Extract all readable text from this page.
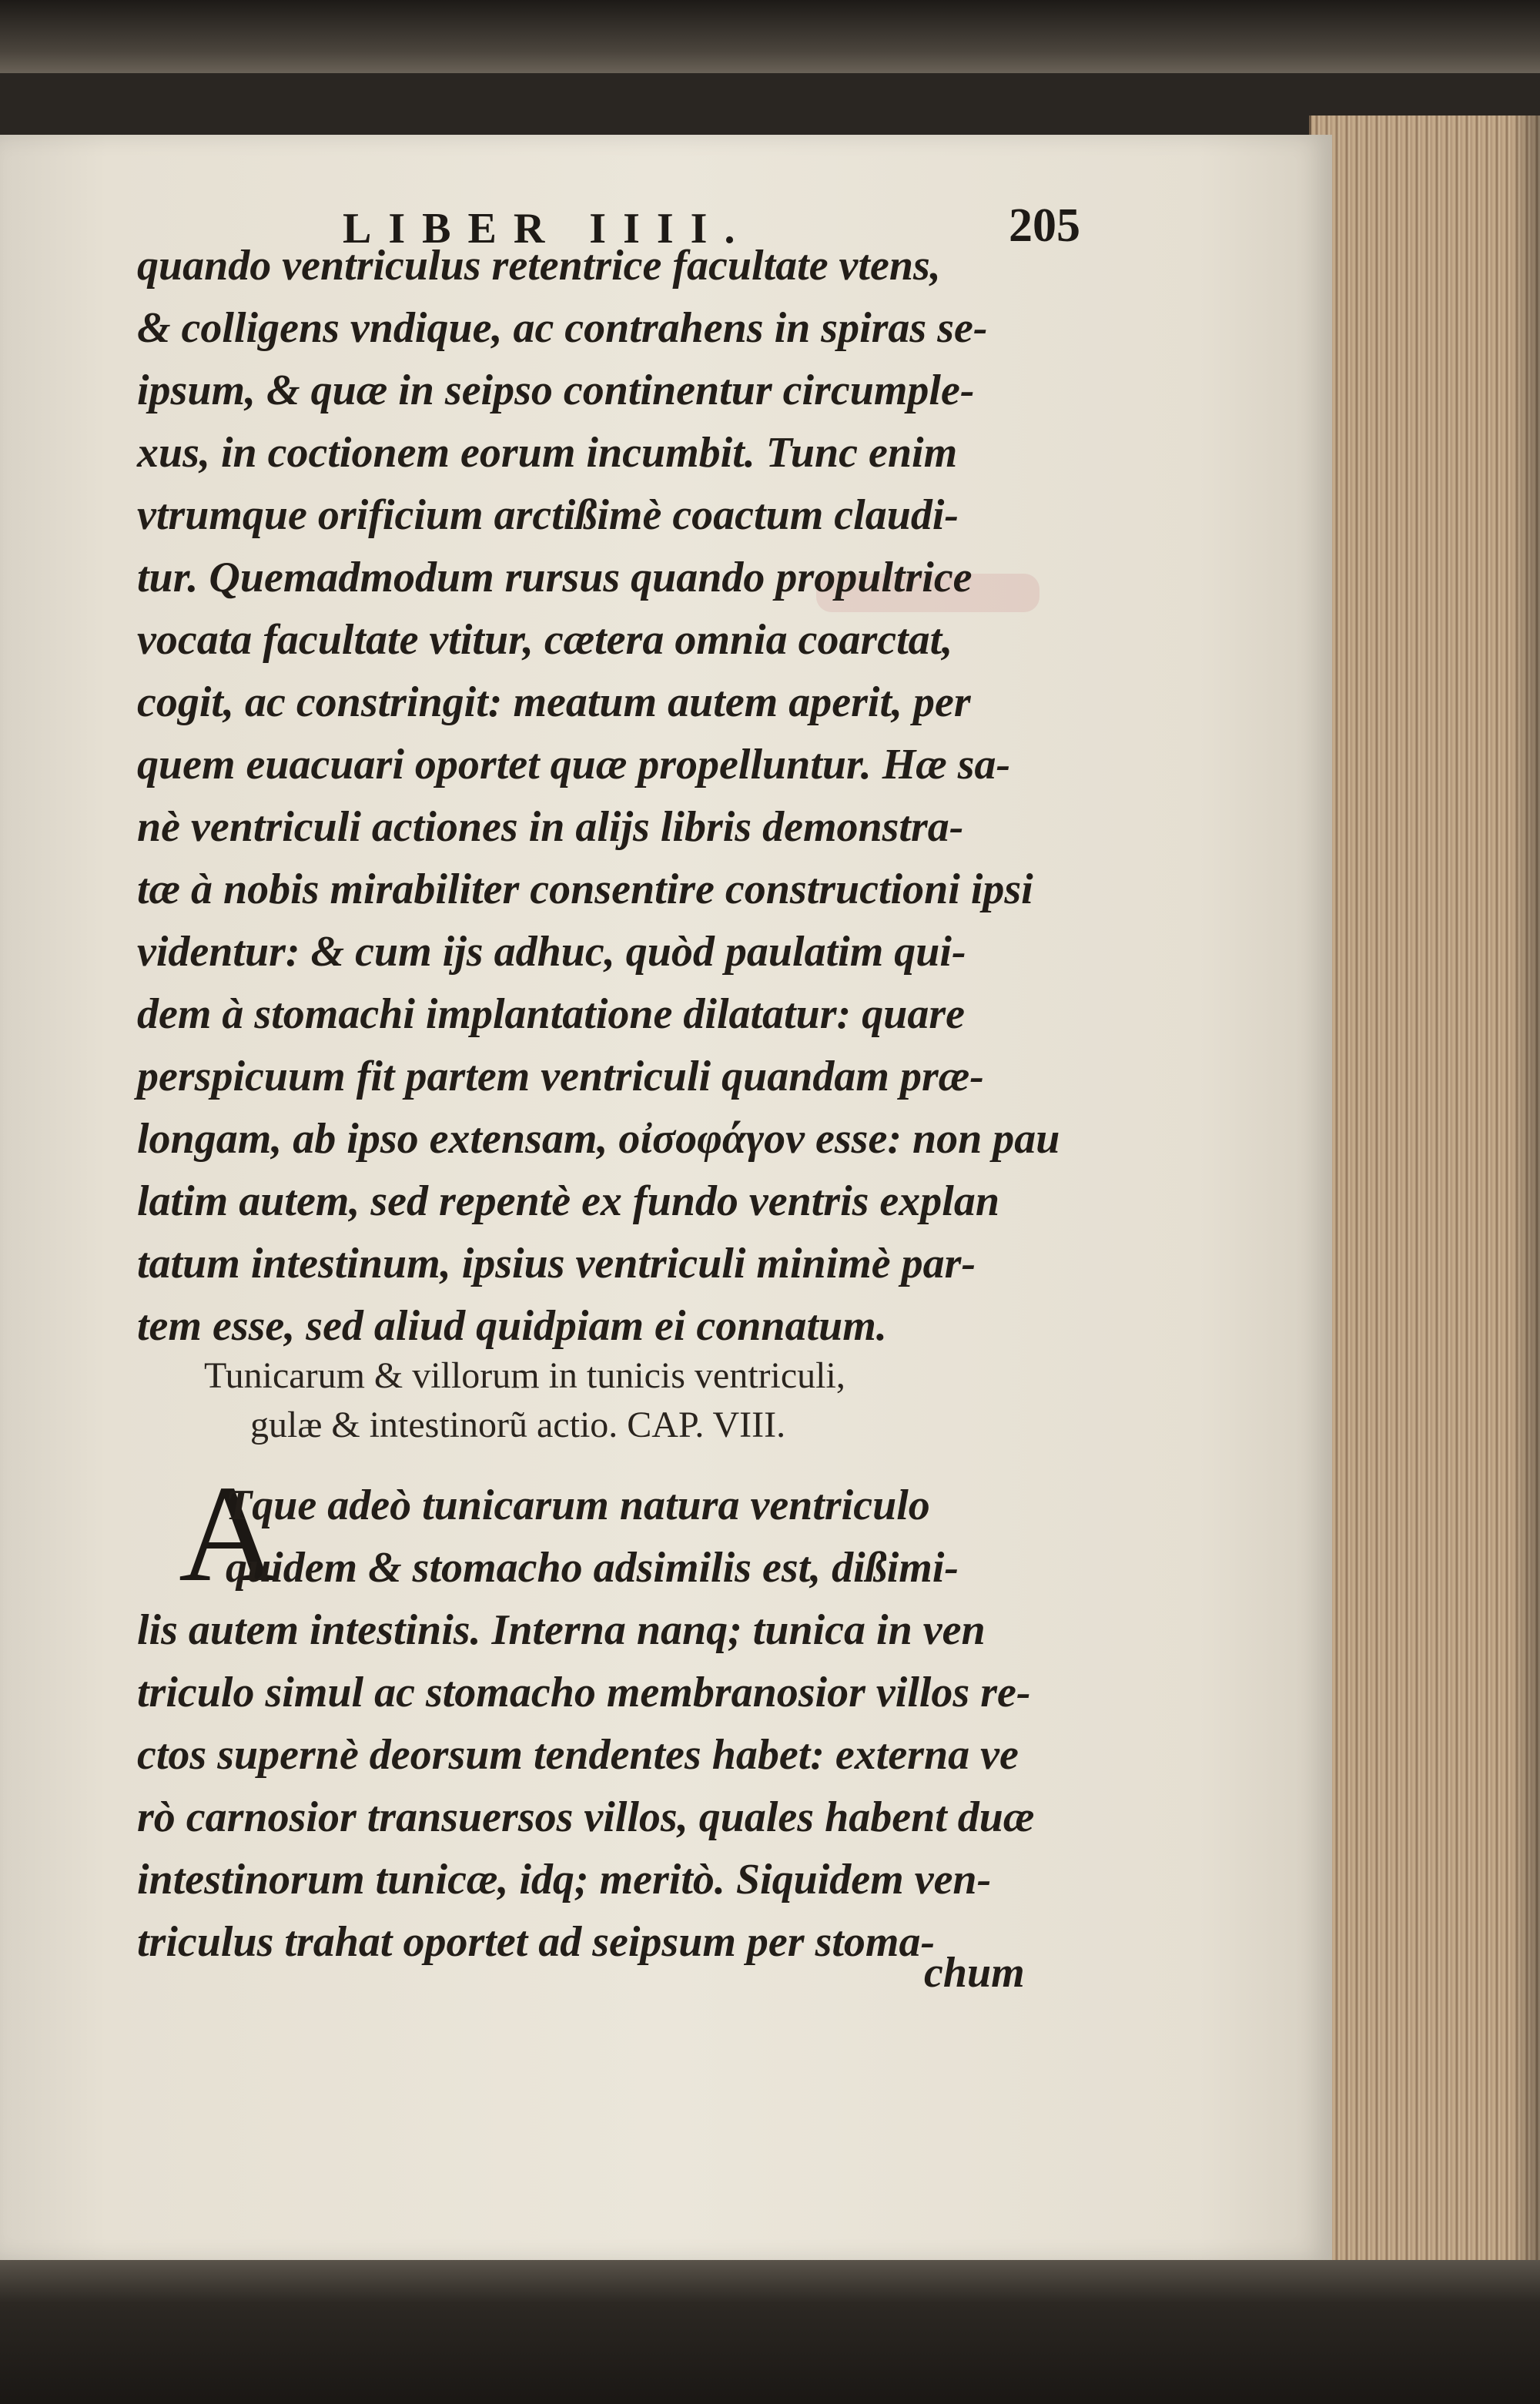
LIBER IIII.	205
quando ventriculus retentrice facultate vtens,
& colligens vndique, ac contrahens in spiras se-
ipsum, & quæ in seipso continentur circumple-
xus, in coctionem eorum incumbit. Tunc enim
vtrumque orificium arctißimè coactum claudi-
tur. Quemadmodum rursus quando propultrice
vocata facultate vtitur, cætera omnia coarctat,
cogit, ac constringit: meatum autem aperit, per
quem euacuari oportet quæ propelluntur. Hæ sa-
nè ventriculi actiones in alijs libris demonstra-
tæ à nobis mirabiliter consentire constructioni ipsi
videntur: & cum ijs adhuc, quòd paulatim qui-
dem à stomachi implantatione dilatatur: quare
perspicuum fit partem ventriculi quandam præ-
longam, ab ipso extensam, οἰσοφάγον esse: non pau
latim autem, sed repentè ex fundo ventris explan
tatum intestinum, ipsius ventriculi minimè par-
tem esse, sed aliud quidpiam ei connatum.
Tunicarum & villorum in tunicis ventriculi,
gulæ & intestinorũ actio. CAP. VIII.
A
Tque adeò tunicarum natura ventriculo
quidem & stomacho adsimilis est, dißimi-
lis autem intestinis. Interna nanq; tunica in ven
triculo simul ac stomacho membranosior villos re-
ctos supernè deorsum tendentes habet: externa ve
rò carnosior transuersos villos, quales habent duæ
intestinorum tunicæ, idq; meritò. Siquidem ven-
triculus trahat oportet ad seipsum per stoma-
chum
